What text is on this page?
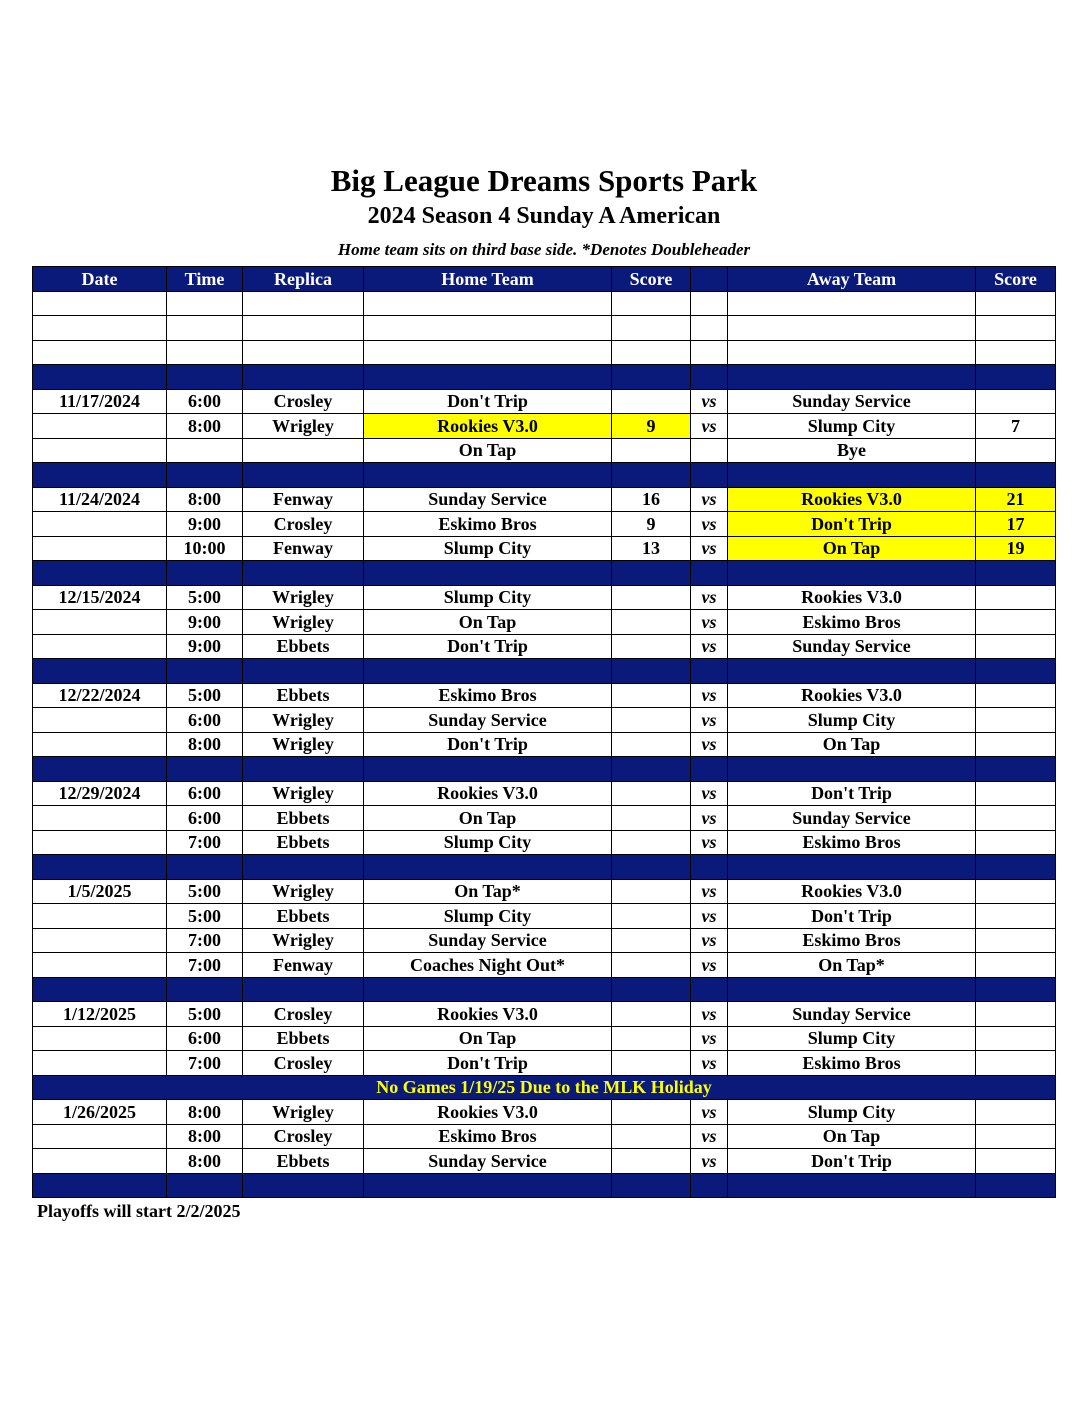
Big League Dreams Sports Park
2024 Season 4 Sunday A American
Home team sits on third base side. *Denotes Doubleheader
Date	Time	Replica	Home Team	Score		Away Team	Score

11/17/2024	6:00	Crosley	Don't Trip		vs	Sunday Service	
	8:00	Wrigley	Rookies V3.0	9	vs	Slump City	7
			On Tap			Bye	

11/24/2024	8:00	Fenway	Sunday Service	16	vs	Rookies V3.0	21
	9:00	Crosley	Eskimo Bros	9	vs	Don't Trip	17
	10:00	Fenway	Slump City	13	vs	On Tap	19

12/15/2024	5:00	Wrigley	Slump City		vs	Rookies V3.0	
	9:00	Wrigley	On Tap		vs	Eskimo Bros	
	9:00	Ebbets	Don't Trip		vs	Sunday Service	

12/22/2024	5:00	Ebbets	Eskimo Bros		vs	Rookies V3.0	
	6:00	Wrigley	Sunday Service		vs	Slump City	
	8:00	Wrigley	Don't Trip		vs	On Tap	

12/29/2024	6:00	Wrigley	Rookies V3.0		vs	Don't Trip	
	6:00	Ebbets	On Tap		vs	Sunday Service	
	7:00	Ebbets	Slump City		vs	Eskimo Bros	

1/5/2025	5:00	Wrigley	On Tap*		vs	Rookies V3.0	
	5:00	Ebbets	Slump City		vs	Don't Trip	
	7:00	Wrigley	Sunday Service		vs	Eskimo Bros	
	7:00	Fenway	Coaches Night Out*		vs	On Tap*	

1/12/2025	5:00	Crosley	Rookies V3.0		vs	Sunday Service	
	6:00	Ebbets	On Tap		vs	Slump City	
	7:00	Crosley	Don't Trip		vs	Eskimo Bros	
No Games 1/19/25 Due to the MLK Holiday							
1/26/2025	8:00	Wrigley	Rookies V3.0		vs	Slump City	
	8:00	Crosley	Eskimo Bros		vs	On Tap	
	8:00	Ebbets	Sunday Service		vs	Don't Trip	

Playoffs will start 2/2/2025
